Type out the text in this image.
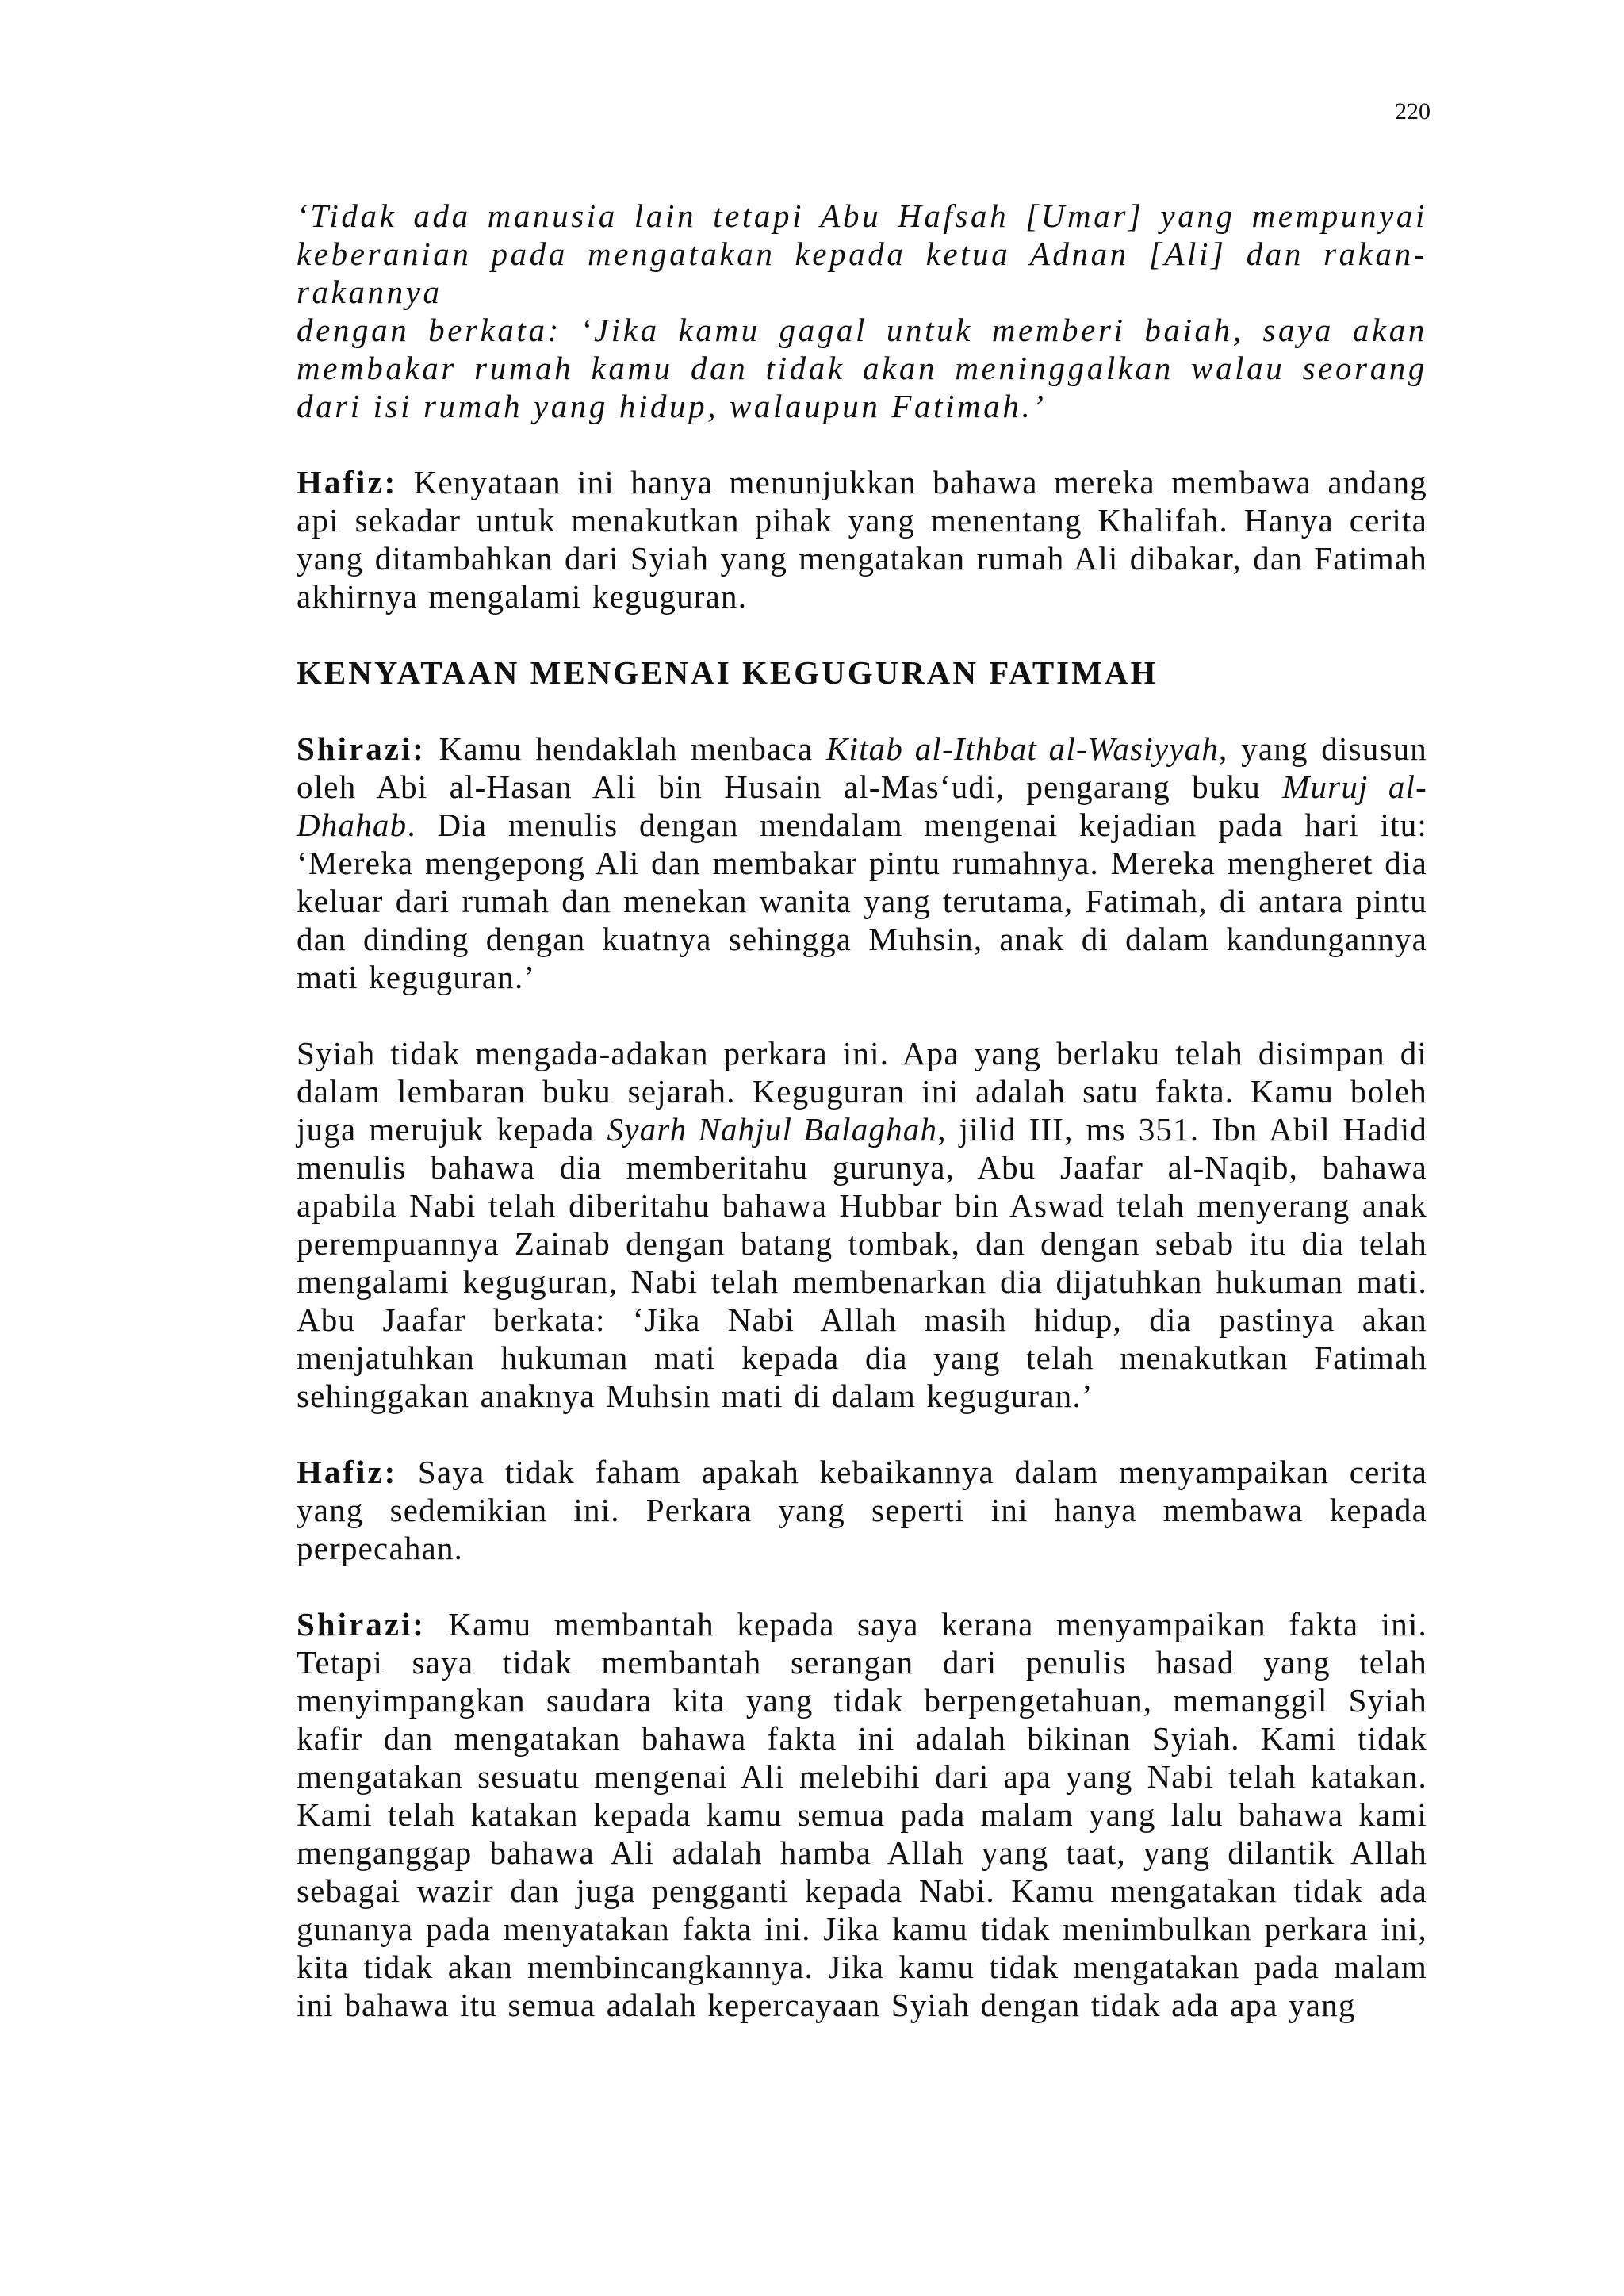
220
‘Tidak ada manusia lain tetapi Abu Hafsah [Umar] yang mempunyai keberanian pada mengatakan kepada ketua Adnan [Ali] dan rakan-rakannya
dengan berkata: ‘Jika kamu gagal untuk memberi baiah, saya akan membakar rumah kamu dan tidak akan meninggalkan walau seorang dari isi rumah yang hidup, walaupun Fatimah.’

Hafiz: Kenyataan ini hanya menunjukkan bahawa mereka membawa andang api sekadar untuk menakutkan pihak yang menentang Khalifah. Hanya cerita yang ditambahkan dari Syiah yang mengatakan rumah Ali dibakar, dan Fatimah akhirnya mengalami keguguran.

KENYATAAN MENGENAI KEGUGURAN FATIMAH

Shirazi: Kamu hendaklah menbaca Kitab al-Ithbat al-Wasiyyah, yang disusun oleh Abi al-Hasan Ali bin Husain al-Mas‘udi, pengarang buku Muruj al-Dhahab. Dia menulis dengan mendalam mengenai kejadian pada hari itu: ‘Mereka mengepong Ali dan membakar pintu rumahnya. Mereka mengheret dia keluar dari rumah dan menekan wanita yang terutama, Fatimah, di antara pintu dan dinding dengan kuatnya sehingga Muhsin, anak di dalam kandungannya mati keguguran.’

Syiah tidak mengada-adakan perkara ini. Apa yang berlaku telah disimpan di dalam lembaran buku sejarah. Keguguran ini adalah satu fakta. Kamu boleh juga merujuk kepada Syarh Nahjul Balaghah, jilid III, ms 351. Ibn Abil Hadid menulis bahawa dia memberitahu gurunya, Abu Jaafar al-Naqib, bahawa apabila Nabi telah diberitahu bahawa Hubbar bin Aswad telah menyerang anak perempuannya Zainab dengan batang tombak, dan dengan sebab itu dia telah mengalami keguguran, Nabi telah membenarkan dia dijatuhkan hukuman mati. Abu Jaafar berkata: ‘Jika Nabi Allah masih hidup, dia pastinya akan menjatuhkan hukuman mati kepada dia yang telah menakutkan Fatimah sehinggakan anaknya Muhsin mati di dalam keguguran.’

Hafiz: Saya tidak faham apakah kebaikannya dalam menyampaikan cerita yang sedemikian ini. Perkara yang seperti ini hanya membawa kepada perpecahan.

Shirazi: Kamu membantah kepada saya kerana menyampaikan fakta ini. Tetapi saya tidak membantah serangan dari penulis hasad yang telah menyimpangkan saudara kita yang tidak berpengetahuan, memanggil Syiah kafir dan mengatakan bahawa fakta ini adalah bikinan Syiah. Kami tidak mengatakan sesuatu mengenai Ali melebihi dari apa yang Nabi telah katakan. Kami telah katakan kepada kamu semua pada malam yang lalu bahawa kami menganggap bahawa Ali adalah hamba Allah yang taat, yang dilantik Allah sebagai wazir dan juga pengganti kepada Nabi. Kamu mengatakan tidak ada gunanya pada menyatakan fakta ini. Jika kamu tidak menimbulkan perkara ini, kita tidak akan membincangkannya. Jika kamu tidak mengatakan pada malam ini bahawa itu semua adalah kepercayaan Syiah dengan tidak ada apa yang
